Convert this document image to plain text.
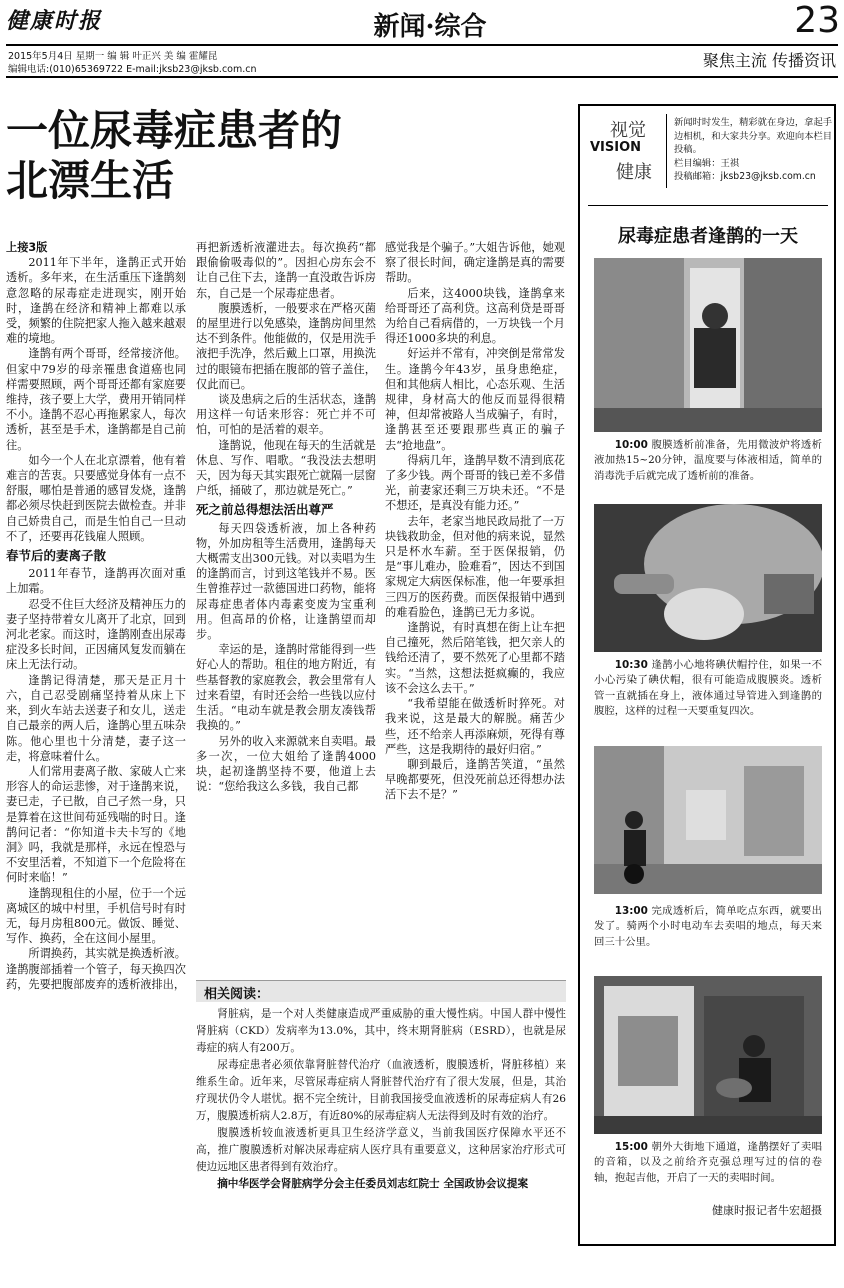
健康时报	新闻·综合	23
2015年5月4日 星期一 编 辑 叶正兴 美 编 霍耀昆
编辑电话:(010)65369722 E-mail:jksb23@jksb.com.cn	聚焦主流 传播资讯
一位尿毒症患者的
北漂生活

上接3版

2011年下半年，逢鹊正式开始透析。多年来，在生活重压下逢鹊刻意忽略的尿毒症走进现实，刚开始时，逢鹊在经济和精神上都难以承受，频繁的住院把家人拖入越来越艰难的境地。

逢鹊有两个哥哥，经常接济他。但家中79岁的母亲罹患食道癌也同样需要照顾，两个哥哥还都有家庭要维持，孩子要上大学，费用开销同样不小。逢鹊不忍心再拖累家人，每次透析，甚至是手术，逢鹊都是自己前往。

如今一个人在北京漂着，他有着难言的苦衷。只要感觉身体有一点不舒服，哪怕是普通的感冒发烧，逢鹊都必须尽快赶到医院去做检查。并非自己娇贵自己，而是生怕自己一旦动不了，还要再花钱雇人照顾。

春节后的妻离子散

2011年春节，逢鹊再次面对重上加霜。

忍受不住巨大经济及精神压力的妻子坚持带着女儿离开了北京，回到河北老家。而这时，逢鹊刚查出尿毒症没多长时间，正因痛风复发而躺在床上无法行动。

逢鹊记得清楚，那天是正月十六，自己忍受剧痛坚持着从床上下来，到火车站去送妻子和女儿，送走自己最亲的两人后，逢鹊心里五味杂陈。他心里也十分清楚，妻子这一走，将意味着什么。

人们常用妻离子散、家破人亡来形容人的命运悲惨，对于逢鹊来说，妻已走，子已散，自己孑然一身，只是算着在这世间苟延残喘的时日。逢鹊问记者：“你知道卡夫卡写的《地洞》吗，我就是那样，永远在惶恐与不安里活着，不知道下一个危险将在何时来临！”

逢鹊现租住的小屋，位于一个远离城区的城中村里，手机信号时有时无，每月房租800元。做饭、睡觉、写作、换药，全在这间小屋里。

所谓换药，其实就是换透析液。逢鹊腹部插着一个管子，每天换四次药，先要把腹部废弃的透析液排出，

再把新透析液灌进去。每次换药“都跟偷偷吸毒似的”。因担心房东会不让自己住下去，逢鹊一直没敢告诉房东，自己是一个尿毒症患者。

腹膜透析，一般要求在严格灭菌的屋里进行以免感染，逢鹊房间里然达不到条件。他能做的，仅是用洗手液把手洗净，然后戴上口罩，用换洗过的眼镜布把插在腹部的管子盖住，仅此而已。

谈及患病之后的生活状态，逢鹊用这样一句话来形容：死亡并不可怕，可怕的是活着的艰辛。

逢鹊说，他现在每天的生活就是休息、写作、唱歌。“我没法去想明天，因为每天其实跟死亡就隔一层窗户纸，捅破了，那边就是死亡。”

死之前总得想法活出尊严

每天四袋透析液，加上各种药物，外加房租等生活费用，逢鹊每天大概需支出300元钱。对以卖唱为生的逢鹊而言，讨到这笔钱并不易。医生曾推荐过一款德国进口药物，能将尿毒症患者体内毒素变废为宝重利用。但高昂的价格，让逢鹊望而却步。

幸运的是，逢鹊时常能得到一些好心人的帮助。租住的地方附近，有些基督教的家庭教会，教会里常有人过来看望，有时还会给一些钱以应付生活。“电动车就是教会朋友凑钱帮我换的。”

另外的收入来源就来自卖唱。最多一次，一位大姐给了逢鹊4000块，起初逢鹊坚持不要，他道上去说：“您给我这么多钱，我自己都

感觉我是个骗子。”大姐告诉他，她观察了很长时间，确定逢鹊是真的需要帮助。

后来，这4000块钱，逢鹊拿来给哥哥还了高利贷。这高利贷是哥哥为给自己看病借的，一万块钱一个月得还1000多块的利息。

好运并不常有，冲突倒是常常发生。逢鹊今年43岁，虽身患绝症，但和其他病人相比，心态乐观、生活规律，身材高大的他反而显得很精神，但却常被路人当成骗子，有时，逢鹊甚至还要跟那些真正的骗子去“抢地盘”。

得病几年，逢鹊早数不清到底花了多少钱。两个哥哥的钱已差不多借光，前妻家还剩三万块未还。“不是不想还，是真没有能力还。”

去年，老家当地民政局批了一万块钱救助金，但对他的病来说，显然只是杯水车薪。至于医保报销，仍是“事儿难办，脸难看”，因达不到国家规定大病医保标准，他一年要承担三四万的医药费。而医保报销中遇到的难看脸色，逢鹊已无力多说。

逢鹊说，有时真想在街上让车把自己撞死，然后陪笔钱，把欠亲人的钱给还清了，要不然死了心里都不踏实。“当然，这想法挺疯癫的，我应该不会这么去干。”

“我希望能在做透析时猝死。对我来说，这是最大的解脱。痛苦少些，还不给亲人再添麻烦，死得有尊严些，这是我期待的最好归宿。”

聊到最后，逢鹊苦笑道，“虽然早晚都要死，但没死前总还得想办法活下去不是？”

相关阅读：

肾脏病，是一个对人类健康造成严重威胁的重大慢性病。中国人群中慢性肾脏病（CKD）发病率为13.0%，其中，终末期肾脏病（ESRD），也就是尿毒症的病人有200万。

尿毒症患者必须依靠肾脏替代治疗（血液透析，腹膜透析，肾脏移植）来维系生命。近年来，尽管尿毒症病人肾脏替代治疗有了很大发展，但是，其治疗现状仍令人堪忧。据不完全统计，目前我国接受血液透析的尿毒症病人有26万，腹膜透析病人2.8万，有近80%的尿毒症病人无法得到及时有效的治疗。

腹膜透析较血液透析更具卫生经济学意义，当前我国医疗保障水平还不高，推广腹膜透析对解决尿毒症病人医疗具有重要意义，这种居家治疗形式可使边远地区患者得到有效治疗。

摘中华医学会肾脏病学分会主任委员刘志红院士 全国政协会议提案

视觉
VISION
健康
新闻时时发生，精彩就在身边，拿起手边相机，和大家共分享。欢迎向本栏目投稿。
栏目编辑：王祺
投稿邮箱：jksb23@jksb.com.cn
尿毒症患者逢鹊的一天
10:00 腹膜透析前准备，先用微波炉将透析液加热15~20分钟，温度要与体液相适，简单的消毒洗手后就完成了透析前的准备。
10:30 逢鹊小心地将碘伏帽拧住，如果一不小心污染了碘伏帽，很有可能造成腹膜炎。透析管一直就插在身上，液体通过导管进入到逢鹊的腹腔，这样的过程一天要重复四次。
13:00 完成透析后，简单吃点东西，就要出发了。骑两个小时电动车去卖唱的地点，每天来回三十公里。
15:00 朝外大街地下通道，逢鹊摆好了卖唱的音箱，以及之前给齐克强总理写过的信的卷轴，抱起吉他，开启了一天的卖唱时间。
健康时报记者牛宏超摄
